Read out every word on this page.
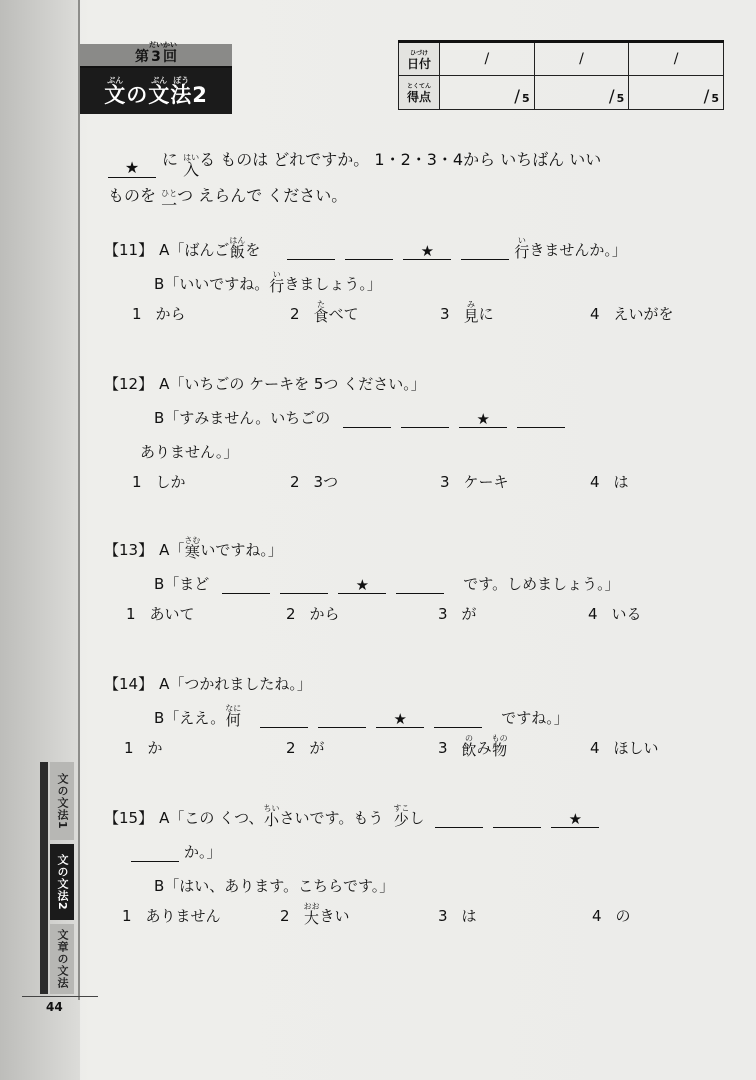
第
だい
3
かい
回
ぶん
文 の
ぶん
文
ぽう
法 2
ひづけ
日付	/	/	/

とくてん
得点	/ 5	/ 5	/ 5
★	に
はい
入
る ものは どれですか。 1・2・3・4から いちばん いい
ものを
ひと
一
つ えらんで ください。
【11】 A「ばんご
はん
飯 を	★
い
行 きませんか。」
B「いいですね。
い
行 きましょう。」
1 から	2
た
食 べて	3
み
見 に	4 えいがを
【12】 A「いちごの ケーキを 5つ ください。」
B「すみません。いちごの	★
ありません。」
1 しか	2 3つ	3 ケーキ	4 は
【13】 A「
さむ
寒 いですね。」
B「まど	★	です。しめましょう。」
1 あいて	2 から	3 が	4 いる
【14】 A「つかれましたね。」
B「ええ。
なに
何	★	ですね。」
1 か	2 が	3
の
飲 み
もの
物	4 ほしい
【15】 A「この くつ、
ちい
小 さいです。もう
すこ
少 し	★
か。」
B「はい、あります。こちらです。」
1 ありません	2
おお
大 きい	3 は	4 の
文の文法1
文の文法2
文章の文法
44
